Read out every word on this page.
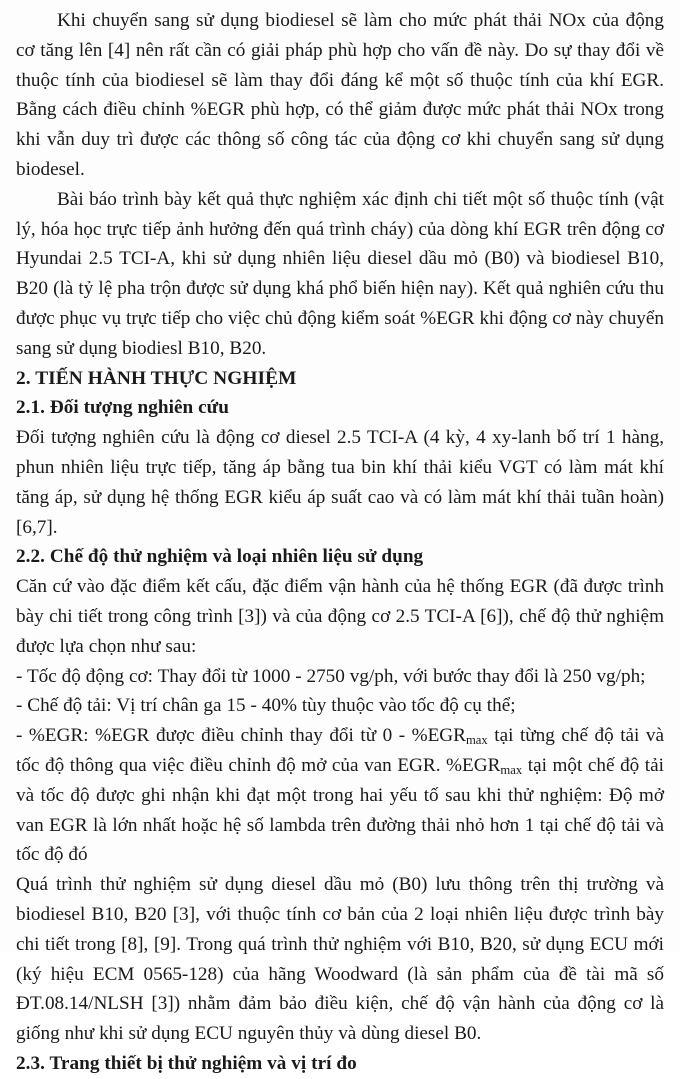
Khi chuyển sang sử dụng biodiesel sẽ làm cho mức phát thải NOx của động cơ tăng lên [4] nên rất cần có giải pháp phù hợp cho vấn đề này. Do sự thay đổi về thuộc tính của biodiesel sẽ làm thay đổi đáng kể một số thuộc tính của khí EGR. Bằng cách điều chỉnh %EGR phù hợp, có thể giảm được mức phát thải NOx trong khi vẫn duy trì được các thông số công tác của động cơ khi chuyển sang sử dụng biodesel.

Bài báo trình bày kết quả thực nghiệm xác định chi tiết một số thuộc tính (vật lý, hóa học trực tiếp ảnh hưởng đến quá trình cháy) của dòng khí EGR trên động cơ Hyundai 2.5 TCI-A, khi sử dụng nhiên liệu diesel dầu mỏ (B0) và biodiesel B10, B20 (là tỷ lệ pha trộn được sử dụng khá phổ biến hiện nay). Kết quả nghiên cứu thu được phục vụ trực tiếp cho việc chủ động kiểm soát %EGR khi động cơ này chuyển sang sử dụng biodiesl B10, B20.

2. TIẾN HÀNH THỰC NGHIỆM
2.1. Đối tượng nghiên cứu

Đối tượng nghiên cứu là động cơ diesel 2.5 TCI-A (4 kỳ, 4 xy-lanh bố trí 1 hàng, phun nhiên liệu trực tiếp, tăng áp bằng tua bin khí thải kiểu VGT có làm mát khí tăng áp, sử dụng hệ thống EGR kiểu áp suất cao và có làm mát khí thải tuần hoàn) [6,7].

2.2. Chế độ thử nghiệm và loại nhiên liệu sử dụng

Căn cứ vào đặc điểm kết cấu, đặc điểm vận hành của hệ thống EGR (đã được trình bày chi tiết trong công trình [3]) và của động cơ 2.5 TCI-A [6]), chế độ thử nghiệm được lựa chọn như sau:

- Tốc độ động cơ: Thay đổi từ 1000 - 2750 vg/ph, với bước thay đổi là 250 vg/ph;

- Chế độ tải: Vị trí chân ga 15 - 40% tùy thuộc vào tốc độ cụ thể;

- %EGR: %EGR được điều chỉnh thay đổi từ $0 - \%EGR_{max}$ tại từng chế độ tải và tốc độ thông qua việc điều chỉnh độ mở của van EGR. $\%EGR_{max}$ tại một chế độ tải và tốc độ được ghi nhận khi đạt một trong hai yếu tố sau khi thử nghiệm: Độ mở van EGR là lớn nhất hoặc hệ số lambda trên đường thải nhỏ hơn 1 tại chế độ tải và tốc độ đó

Quá trình thử nghiệm sử dụng diesel dầu mỏ (B0) lưu thông trên thị trường và biodiesel B10, B20 [3], với thuộc tính cơ bản của 2 loại nhiên liệu được trình bày chi tiết trong [8], [9]. Trong quá trình thử nghiệm với B10, B20, sử dụng ECU mới (ký hiệu ECM 0565-128) của hãng Woodward (là sản phẩm của đề tài mã số ĐT.08.14/NLSH [3]) nhằm đảm bảo điều kiện, chế độ vận hành của động cơ là giống như khi sử dụng ECU nguyên thủy và dùng diesel B0.

2.3. Trang thiết bị thử nghiệm và vị trí đo
